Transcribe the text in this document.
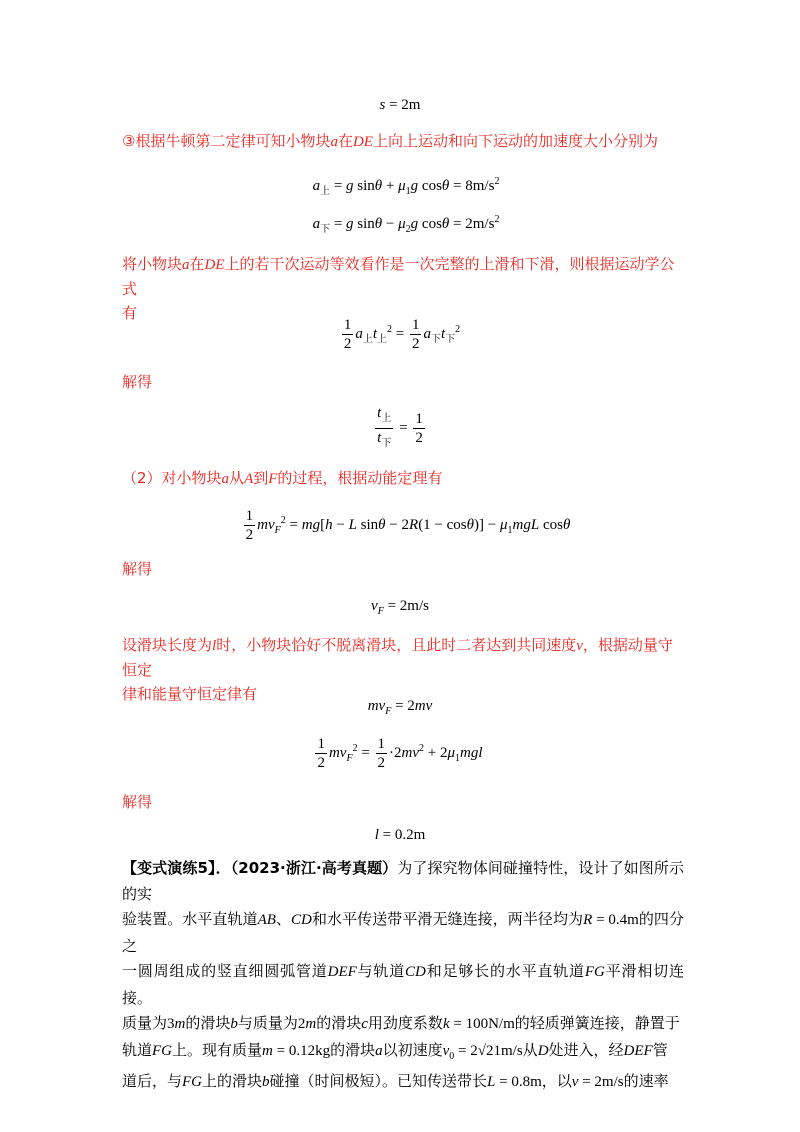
s = 2m
③根据牛顿第二定律可知小物块a在DE上向上运动和向下运动的加速度大小分别为
$a_上 = g$ $\sin\theta + \mu_1g$ $\cos\theta = 8m/s^2$
$a_下 = g$ $\sin\theta - \mu_2g$ $\cos\theta = 2m/s^2$
将小物块a在DE上的若干次运动等效看作是一次完整的上滑和下滑，则根据运动学公式
有
$\frac{1}{2} a_上t_上^2 = \frac{1}{2} a_下t_下^2$
解得
$\frac{t_上}{t_下} = \frac{1}{2}$
（2）对小物块a从A到F的过程，根据动能定理有
$\frac{1}{2} mv_F^2 = mg[h - L$ $\sin\theta - 2R(1 - \cos\theta)] - \mu_1mgL$ cosθ
解得
$v_F = 2m/s$
设滑块长度为l时，小物块恰好不脱离滑块，且此时二者达到共同速度v，根据动量守恒定
律和能量守恒定律有
$mv_F = 2mv$
$\frac{1}{2} mv_F^2 = \frac{1}{2} \cdot 2mv^2 + 2\mu_1mgl$
解得
l = 0.2m
【变式演练5】．（2023·浙江·高考真题）为了探究物体间碰撞特性，设计了如图所示的实
验装置。水平直轨道AB、CD和水平传送带平滑无缝连接，两半径均为R = 0.4m的四分之
一圆周组成的竖直细圆弧管道DEF与轨道CD和足够长的水平直轨道FG平滑相切连接。
质量为3m的滑块b与质量为2m的滑块c用劲度系数k = 100N/m的轻质弹簧连接，静置于
轨道FG上。现有质量m = 0.12kg的滑块a以初速度$v_0 = 2√21m/s$从D处进入，经DEF管
道后，与FG上的滑块b碰撞（时间极短）。已知传送带长L = 0.8m，以v = 2m/s的速率
